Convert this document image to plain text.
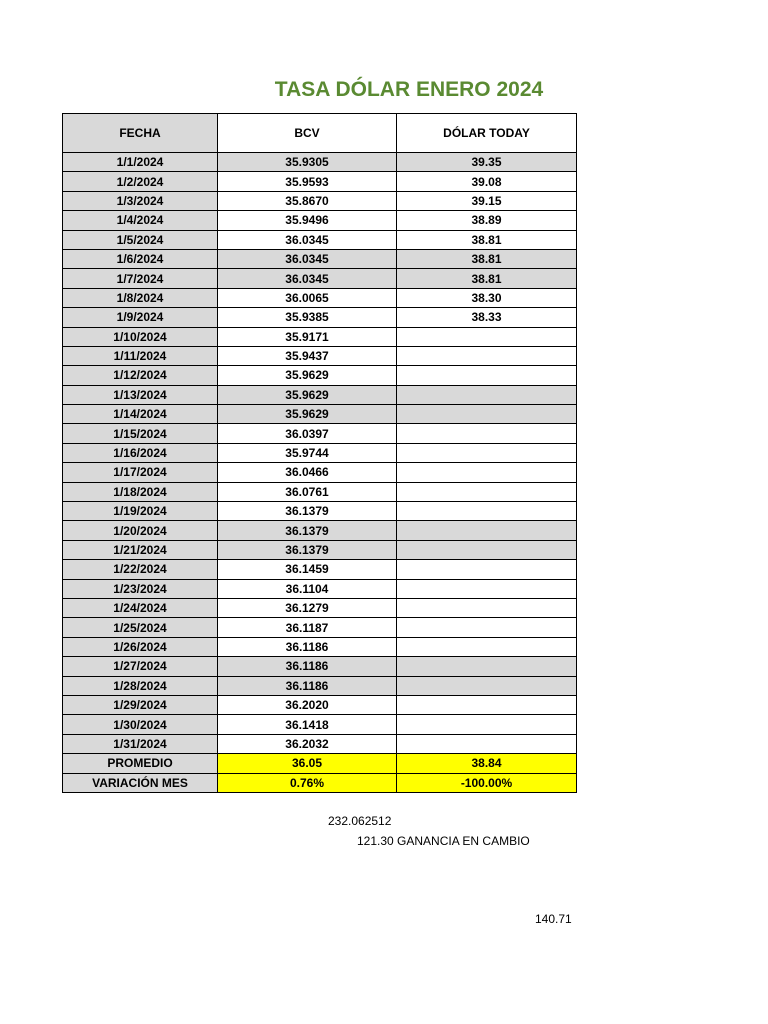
TASA DÓLAR ENERO 2024
FECHA	BCV	DÓLAR TODAY
1/1/2024	35.9305	39.35
1/2/2024	35.9593	39.08
1/3/2024	35.8670	39.15
1/4/2024	35.9496	38.89
1/5/2024	36.0345	38.81
1/6/2024	36.0345	38.81
1/7/2024	36.0345	38.81
1/8/2024	36.0065	38.30
1/9/2024	35.9385	38.33
1/10/2024	35.9171	
1/11/2024	35.9437	
1/12/2024	35.9629	
1/13/2024	35.9629	
1/14/2024	35.9629	
1/15/2024	36.0397	
1/16/2024	35.9744	
1/17/2024	36.0466	
1/18/2024	36.0761	
1/19/2024	36.1379	
1/20/2024	36.1379	
1/21/2024	36.1379	
1/22/2024	36.1459	
1/23/2024	36.1104	
1/24/2024	36.1279	
1/25/2024	36.1187	
1/26/2024	36.1186	
1/27/2024	36.1186	
1/28/2024	36.1186	
1/29/2024	36.2020	
1/30/2024	36.1418	
1/31/2024	36.2032	
PROMEDIO	36.05	38.84
VARIACIÓN MES	0.76%	-100.00%
232.062512
121.30 GANANCIA EN CAMBIO
140.71
